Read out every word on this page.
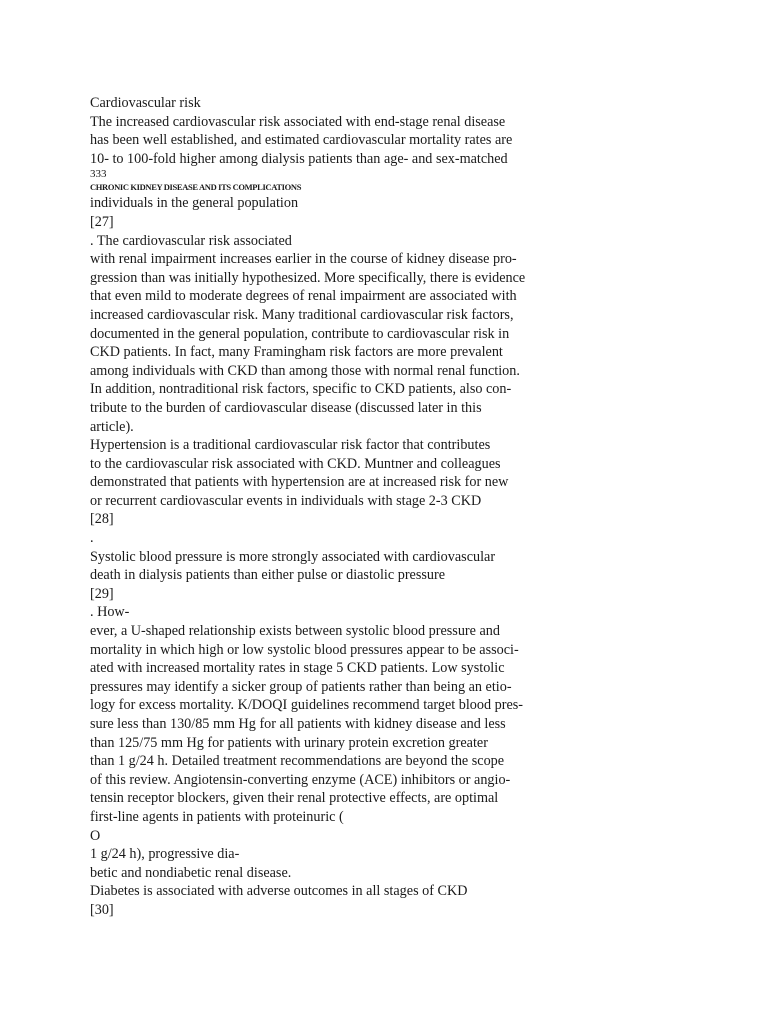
Cardiovascular risk
The increased cardiovascular risk associated with end-stage renal disease
has been well established, and estimated cardiovascular mortality rates are
10- to 100-fold higher among dialysis patients than age- and sex-matched
333
CHRONIC KIDNEY DISEASE AND ITS COMPLICATIONS
individuals in the general population
[27]
. The cardiovascular risk associated
with renal impairment increases earlier in the course of kidney disease pro-
gression than was initially hypothesized. More specifically, there is evidence
that even mild to moderate degrees of renal impairment are associated with
increased cardiovascular risk. Many traditional cardiovascular risk factors,
documented in the general population, contribute to cardiovascular risk in
CKD patients. In fact, many Framingham risk factors are more prevalent
among individuals with CKD than among those with normal renal function.
In addition, nontraditional risk factors, specific to CKD patients, also con-
tribute to the burden of cardiovascular disease (discussed later in this
article).
Hypertension is a traditional cardiovascular risk factor that contributes
to the cardiovascular risk associated with CKD. Muntner and colleagues
demonstrated that patients with hypertension are at increased risk for new
or recurrent cardiovascular events in individuals with stage 2-3 CKD
[28]
.
Systolic blood pressure is more strongly associated with cardiovascular
death in dialysis patients than either pulse or diastolic pressure
[29]
. How-
ever, a U-shaped relationship exists between systolic blood pressure and
mortality in which high or low systolic blood pressures appear to be associ-
ated with increased mortality rates in stage 5 CKD patients. Low systolic
pressures may identify a sicker group of patients rather than being an etio-
logy for excess mortality. K/DOQI guidelines recommend target blood pres-
sure less than 130/85 mm Hg for all patients with kidney disease and less
than 125/75 mm Hg for patients with urinary protein excretion greater
than 1 g/24 h. Detailed treatment recommendations are beyond the scope
of this review. Angiotensin-converting enzyme (ACE) inhibitors or angio-
tensin receptor blockers, given their renal protective effects, are optimal
first-line agents in patients with proteinuric (
O
1 g/24 h), progressive dia-
betic and nondiabetic renal disease.
Diabetes is associated with adverse outcomes in all stages of CKD
[30]
